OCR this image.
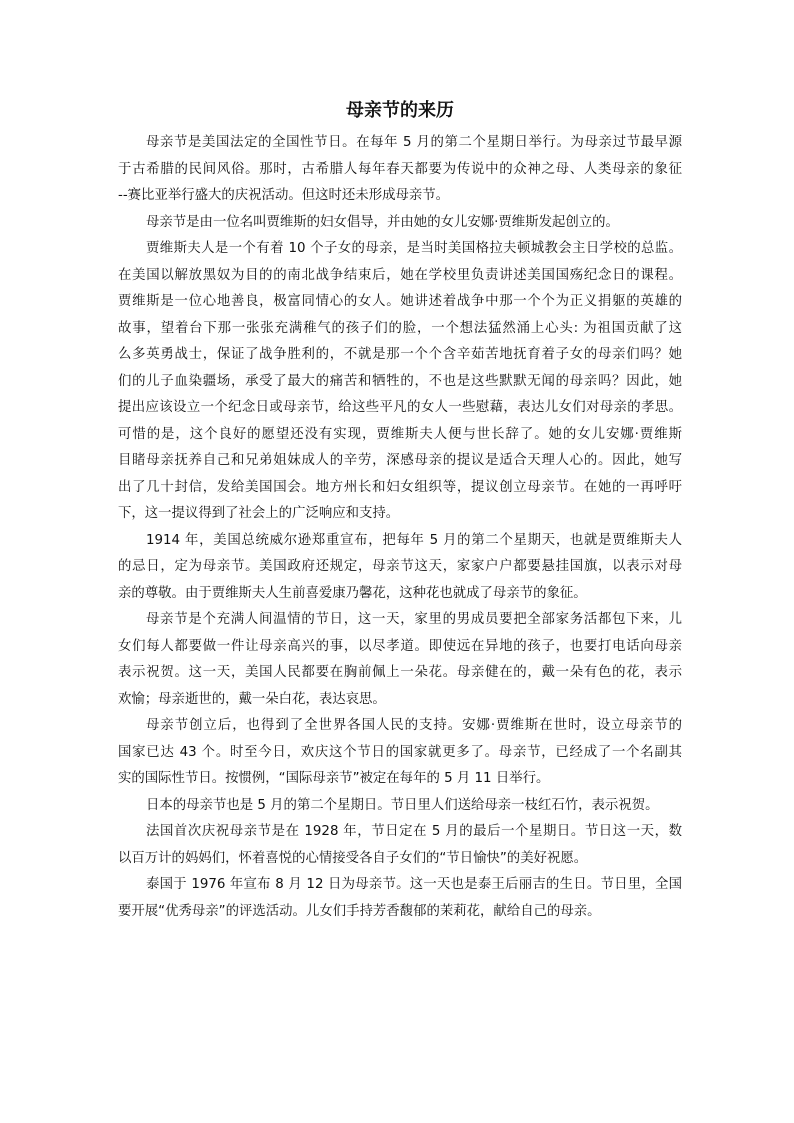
母亲节的来历
母亲节是美国法定的全国性节日。在每年 5 月的第二个星期日举行。为母亲过节最早源
于古希腊的民间风俗。那时，古希腊人每年春天都要为传说中的众神之母、人类母亲的象征
--赛比亚举行盛大的庆祝活动。但这时还未形成母亲节。
母亲节是由一位名叫贾维斯的妇女倡导，并由她的女儿安娜·贾维斯发起创立的。
贾维斯夫人是一个有着 10 个子女的母亲，是当时美国格拉夫顿城教会主日学校的总监。
在美国以解放黑奴为目的的南北战争结束后，她在学校里负责讲述美国国殇纪念日的课程。
贾维斯是一位心地善良，极富同情心的女人。她讲述着战争中那一个个为正义捐躯的英雄的
故事，望着台下那一张张充满稚气的孩子们的脸，一个想法猛然涌上心头: 为祖国贡献了这
么多英勇战士，保证了战争胜利的，不就是那一个个含辛茹苦地抚育着子女的母亲们吗？她
们的儿子血染疆场，承受了最大的痛苦和牺牲的，不也是这些默默无闻的母亲吗？因此，她
提出应该设立一个纪念日或母亲节，给这些平凡的女人一些慰藉，表达儿女们对母亲的孝思。
可惜的是，这个良好的愿望还没有实现，贾维斯夫人便与世长辞了。她的女儿安娜·贾维斯
目睹母亲抚养自己和兄弟姐妹成人的辛劳，深感母亲的提议是适合天理人心的。因此，她写
出了几十封信，发给美国国会。地方州长和妇女组织等，提议创立母亲节。在她的一再呼吁
下，这一提议得到了社会上的广泛响应和支持。
1914 年，美国总统威尔逊郑重宣布，把每年 5 月的第二个星期天，也就是贾维斯夫人
的忌日，定为母亲节。美国政府还规定，母亲节这天，家家户户都要悬挂国旗，以表示对母
亲的尊敬。由于贾维斯夫人生前喜爱康乃馨花，这种花也就成了母亲节的象征。
母亲节是个充满人间温情的节日，这一天，家里的男成员要把全部家务活都包下来，儿
女们每人都要做一件让母亲高兴的事，以尽孝道。即使远在异地的孩子，也要打电话向母亲
表示祝贺。这一天，美国人民都要在胸前佩上一朵花。母亲健在的，戴一朵有色的花，表示
欢愉；母亲逝世的，戴一朵白花，表达哀思。
母亲节创立后，也得到了全世界各国人民的支持。安娜·贾维斯在世时，设立母亲节的
国家已达 43 个。时至今日，欢庆这个节日的国家就更多了。母亲节，已经成了一个名副其
实的国际性节日。按惯例，“国际母亲节”被定在每年的 5 月 11 日举行。
日本的母亲节也是 5 月的第二个星期日。节日里人们送给母亲一枝红石竹，表示祝贺。
法国首次庆祝母亲节是在 1928 年，节日定在 5 月的最后一个星期日。节日这一天，数
以百万计的妈妈们，怀着喜悦的心情接受各自子女们的“节日愉快”的美好祝愿。
泰国于 1976 年宣布 8 月 12 日为母亲节。这一天也是泰王后丽吉的生日。节日里，全国
要开展“优秀母亲”的评选活动。儿女们手持芳香馥郁的茉莉花，献给自己的母亲。
